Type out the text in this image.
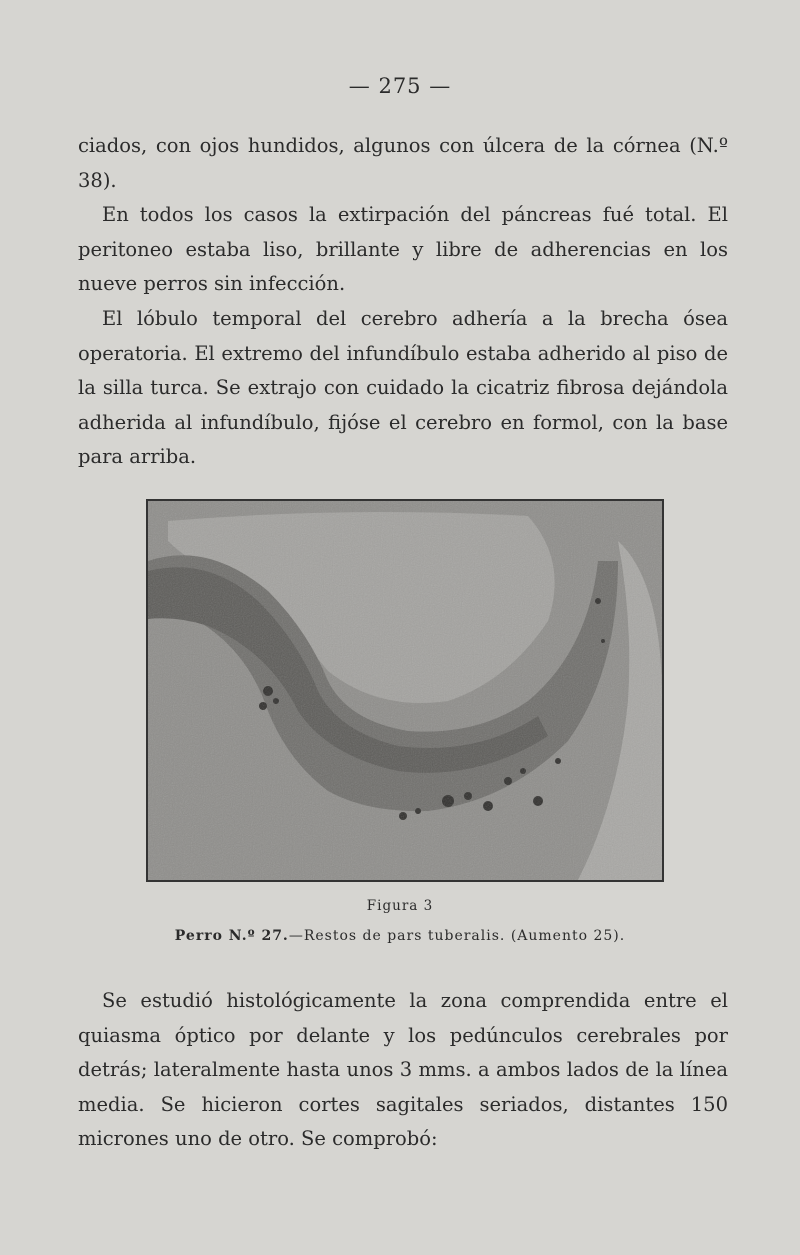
— 275 —

ciados, con ojos hundidos, algunos con úlcera de la córnea (N.º 38).

En todos los casos la extirpación del páncreas fué total. El peritoneo estaba liso, brillante y libre de adherencias en los nueve perros sin infección.

El lóbulo temporal del cerebro adhería a la brecha ósea operatoria. El extremo del infundíbulo estaba adherido al piso de la silla turca. Se extrajo con cuidado la cicatriz fibrosa dejándola adherida al infundíbulo, fijóse el cerebro en formol, con la base para arriba.

Figura 3
Perro N.º 27.—Restos de pars tuberalis. (Aumento 25).

Se estudió histológicamente la zona comprendida entre el quiasma óptico por delante y los pedúnculos cerebrales por detrás; lateralmente hasta unos 3 mms. a ambos lados de la línea media. Se hicieron cortes sagitales seriados, distantes 150 micrones uno de otro. Se comprobó:
